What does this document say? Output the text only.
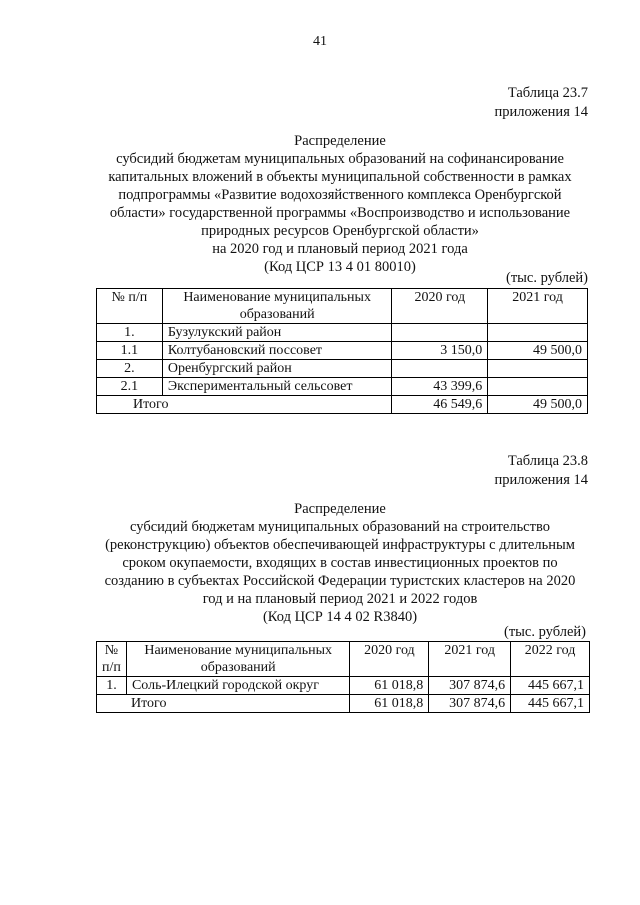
41
Таблица 23.7
приложения 14
Распределение
субсидий бюджетам муниципальных образований на софинансирование
капитальных вложений в объекты муниципальной собственности в рамках
подпрограммы «Развитие водохозяйственного комплекса Оренбургской
области» государственной программы «Воспроизводство и использование
природных ресурсов Оренбургской области»
на 2020 год и плановый период 2021 года
(Код ЦСР 13 4 01 80010)
(тыс. рублей)
№ п/п	Наименование муниципальных образований	2020 год	2021 год
1.	Бузулукский район		
1.1	Колтубановский поссовет	3 150,0	49 500,0
2.	Оренбургский район		
2.1	Экспериментальный сельсовет	43 399,6	
Итого		46 549,6	49 500,0
Таблица 23.8
приложения 14
Распределение
субсидий бюджетам муниципальных образований на строительство
(реконструкцию) объектов обеспечивающей инфраструктуры с длительным
сроком окупаемости, входящих в состав инвестиционных проектов по
созданию в субъектах Российской Федерации туристских кластеров на 2020
год и на плановый период 2021 и 2022 годов
(Код ЦСР 14 4 02 R3840)
(тыс. рублей)
№ п/п	Наименование муниципальных образований	2020 год	2021 год	2022 год
1.	Соль-Илецкий городской округ	61 018,8	307 874,6	445 667,1
Итого		61 018,8	307 874,6	445 667,1
